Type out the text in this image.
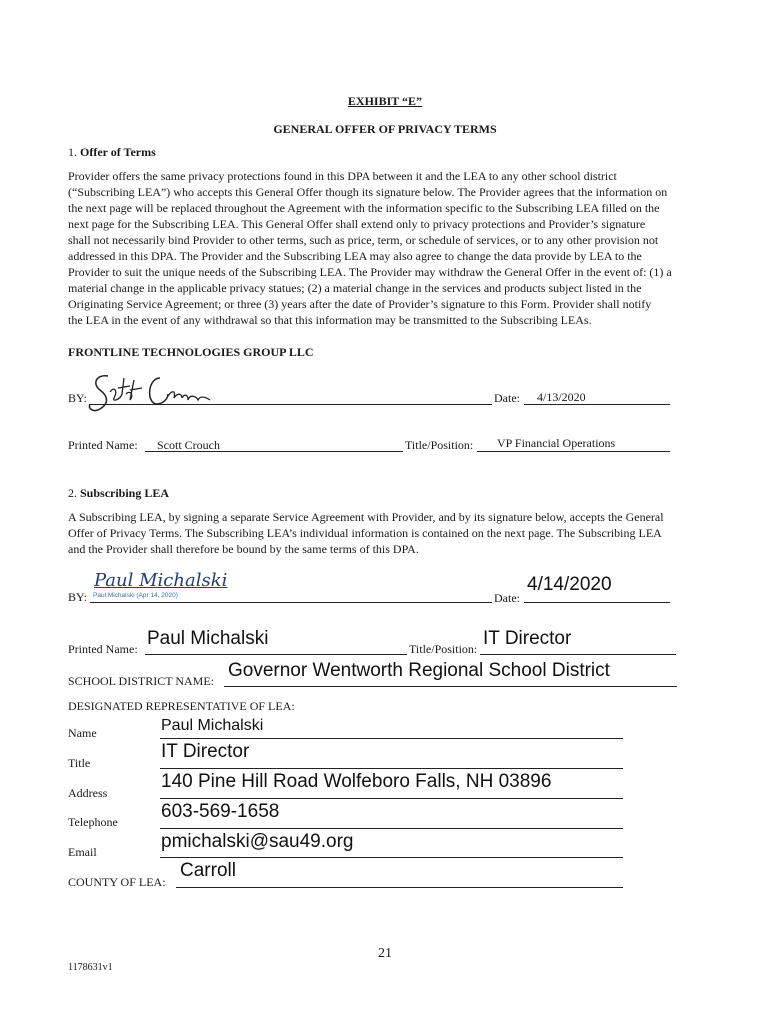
EXHIBIT “E”
GENERAL OFFER OF PRIVACY TERMS
1. Offer of Terms
Provider offers the same privacy protections found in this DPA between it and the LEA to any other school district
(“Subscribing LEA”) who accepts this General Offer though its signature below. The Provider agrees that the information on
the next page will be replaced throughout the Agreement with the information specific to the Subscribing LEA filled on the
next page for the Subscribing LEA. This General Offer shall extend only to privacy protections and Provider’s signature
shall not necessarily bind Provider to other terms, such as price, term, or schedule of services, or to any other provision not
addressed in this DPA. The Provider and the Subscribing LEA may also agree to change the data provide by LEA to the
Provider to suit the unique needs of the Subscribing LEA. The Provider may withdraw the General Offer in the event of: (1) a
material change in the applicable privacy statues; (2) a material change in the services and products subject listed in the
Originating Service Agreement; or three (3) years after the date of Provider’s signature to this Form. Provider shall notify
the LEA in the event of any withdrawal so that this information may be transmitted to the Subscribing LEAs.
FRONTLINE TECHNOLOGIES GROUP LLC
BY:	Date: 4/13/2020
Printed Name: Scott Crouch	Title/Position: VP Financial Operations
2. Subscribing LEA
A Subscribing LEA, by signing a separate Service Agreement with Provider, and by its signature below, accepts the General
Offer of Privacy Terms. The Subscribing LEA’s individual information is contained on the next page. The Subscribing LEA
and the Provider shall therefore be bound by the same terms of this DPA.
BY:
Paul Michalski
Paul Michalski (Apr 14, 2020)	Date:
4/14/2020
Printed Name: Paul Michalski	Title/Position: IT Director
SCHOOL DISTRICT NAME: Governor Wentworth Regional School District
DESIGNATED REPRESENTATIVE OF LEA:
Name	Paul Michalski
Title
IT Director
Address
140 Pine Hill Road Wolfeboro Falls, NH 03896
Telephone 603-569-1658
Email	pmichalski@sau49.org
COUNTY OF LEA:
Carroll
21
1178631v1
